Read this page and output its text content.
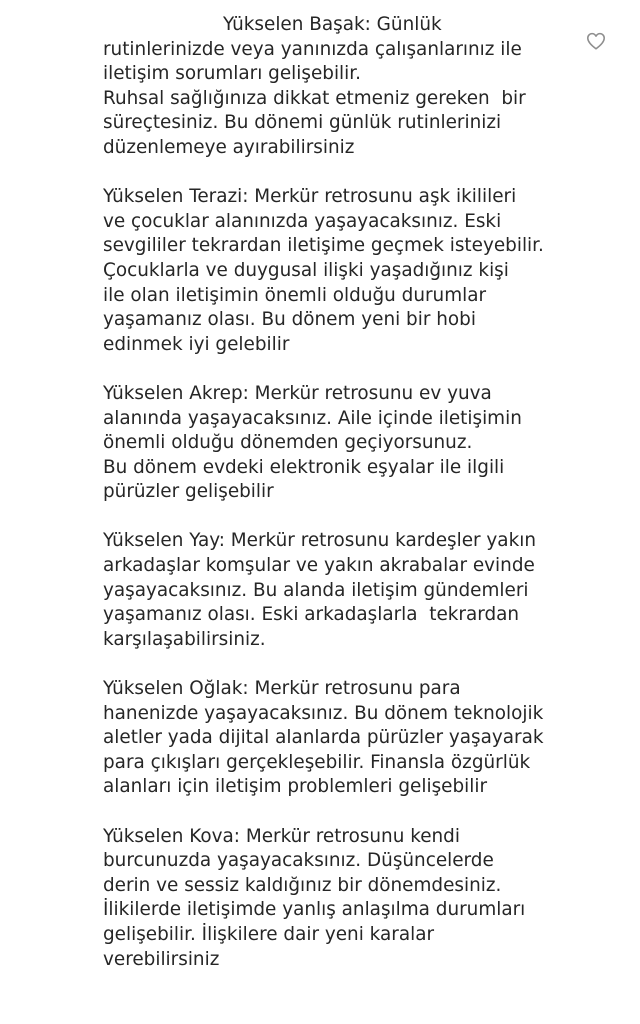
Yükselen Başak: Günlük
rutinlerinizde veya yanınızda çalışanlarınız ile
iletişim sorumları gelişebilir.
Ruhsal sağlığınıza dikkat etmeniz gereken  bir
süreçtesiniz. Bu dönemi günlük rutinlerinizi
düzenlemeye ayırabilirsiniz
Yükselen Terazi: Merkür retrosunu aşk ikilileri
ve çocuklar alanınızda yaşayacaksınız. Eski
sevgililer tekrardan iletişime geçmek isteyebilir.
Çocuklarla ve duygusal ilişki yaşadığınız kişi
ile olan iletişimin önemli olduğu durumlar
yaşamanız olası. Bu dönem yeni bir hobi
edinmek iyi gelebilir
Yükselen Akrep: Merkür retrosunu ev yuva
alanında yaşayacaksınız. Aile içinde iletişimin
önemli olduğu dönemden geçiyorsunuz.
Bu dönem evdeki elektronik eşyalar ile ilgili
pürüzler gelişebilir
Yükselen Yay: Merkür retrosunu kardeşler yakın
arkadaşlar komşular ve yakın akrabalar evinde
yaşayacaksınız. Bu alanda iletişim gündemleri
yaşamanız olası. Eski arkadaşlarla  tekrardan
karşılaşabilirsiniz.
Yükselen Oğlak: Merkür retrosunu para
hanenizde yaşayacaksınız. Bu dönem teknolojik
aletler yada dijital alanlarda pürüzler yaşayarak
para çıkışları gerçekleşebilir. Finansla özgürlük
alanları için iletişim problemleri gelişebilir
Yükselen Kova: Merkür retrosunu kendi
burcunuzda yaşayacaksınız. Düşüncelerde
derin ve sessiz kaldığınız bir dönemdesiniz.
İlikilerde iletişimde yanlış anlaşılma durumları
gelişebilir. İlişkilere dair yeni karalar
verebilirsiniz
